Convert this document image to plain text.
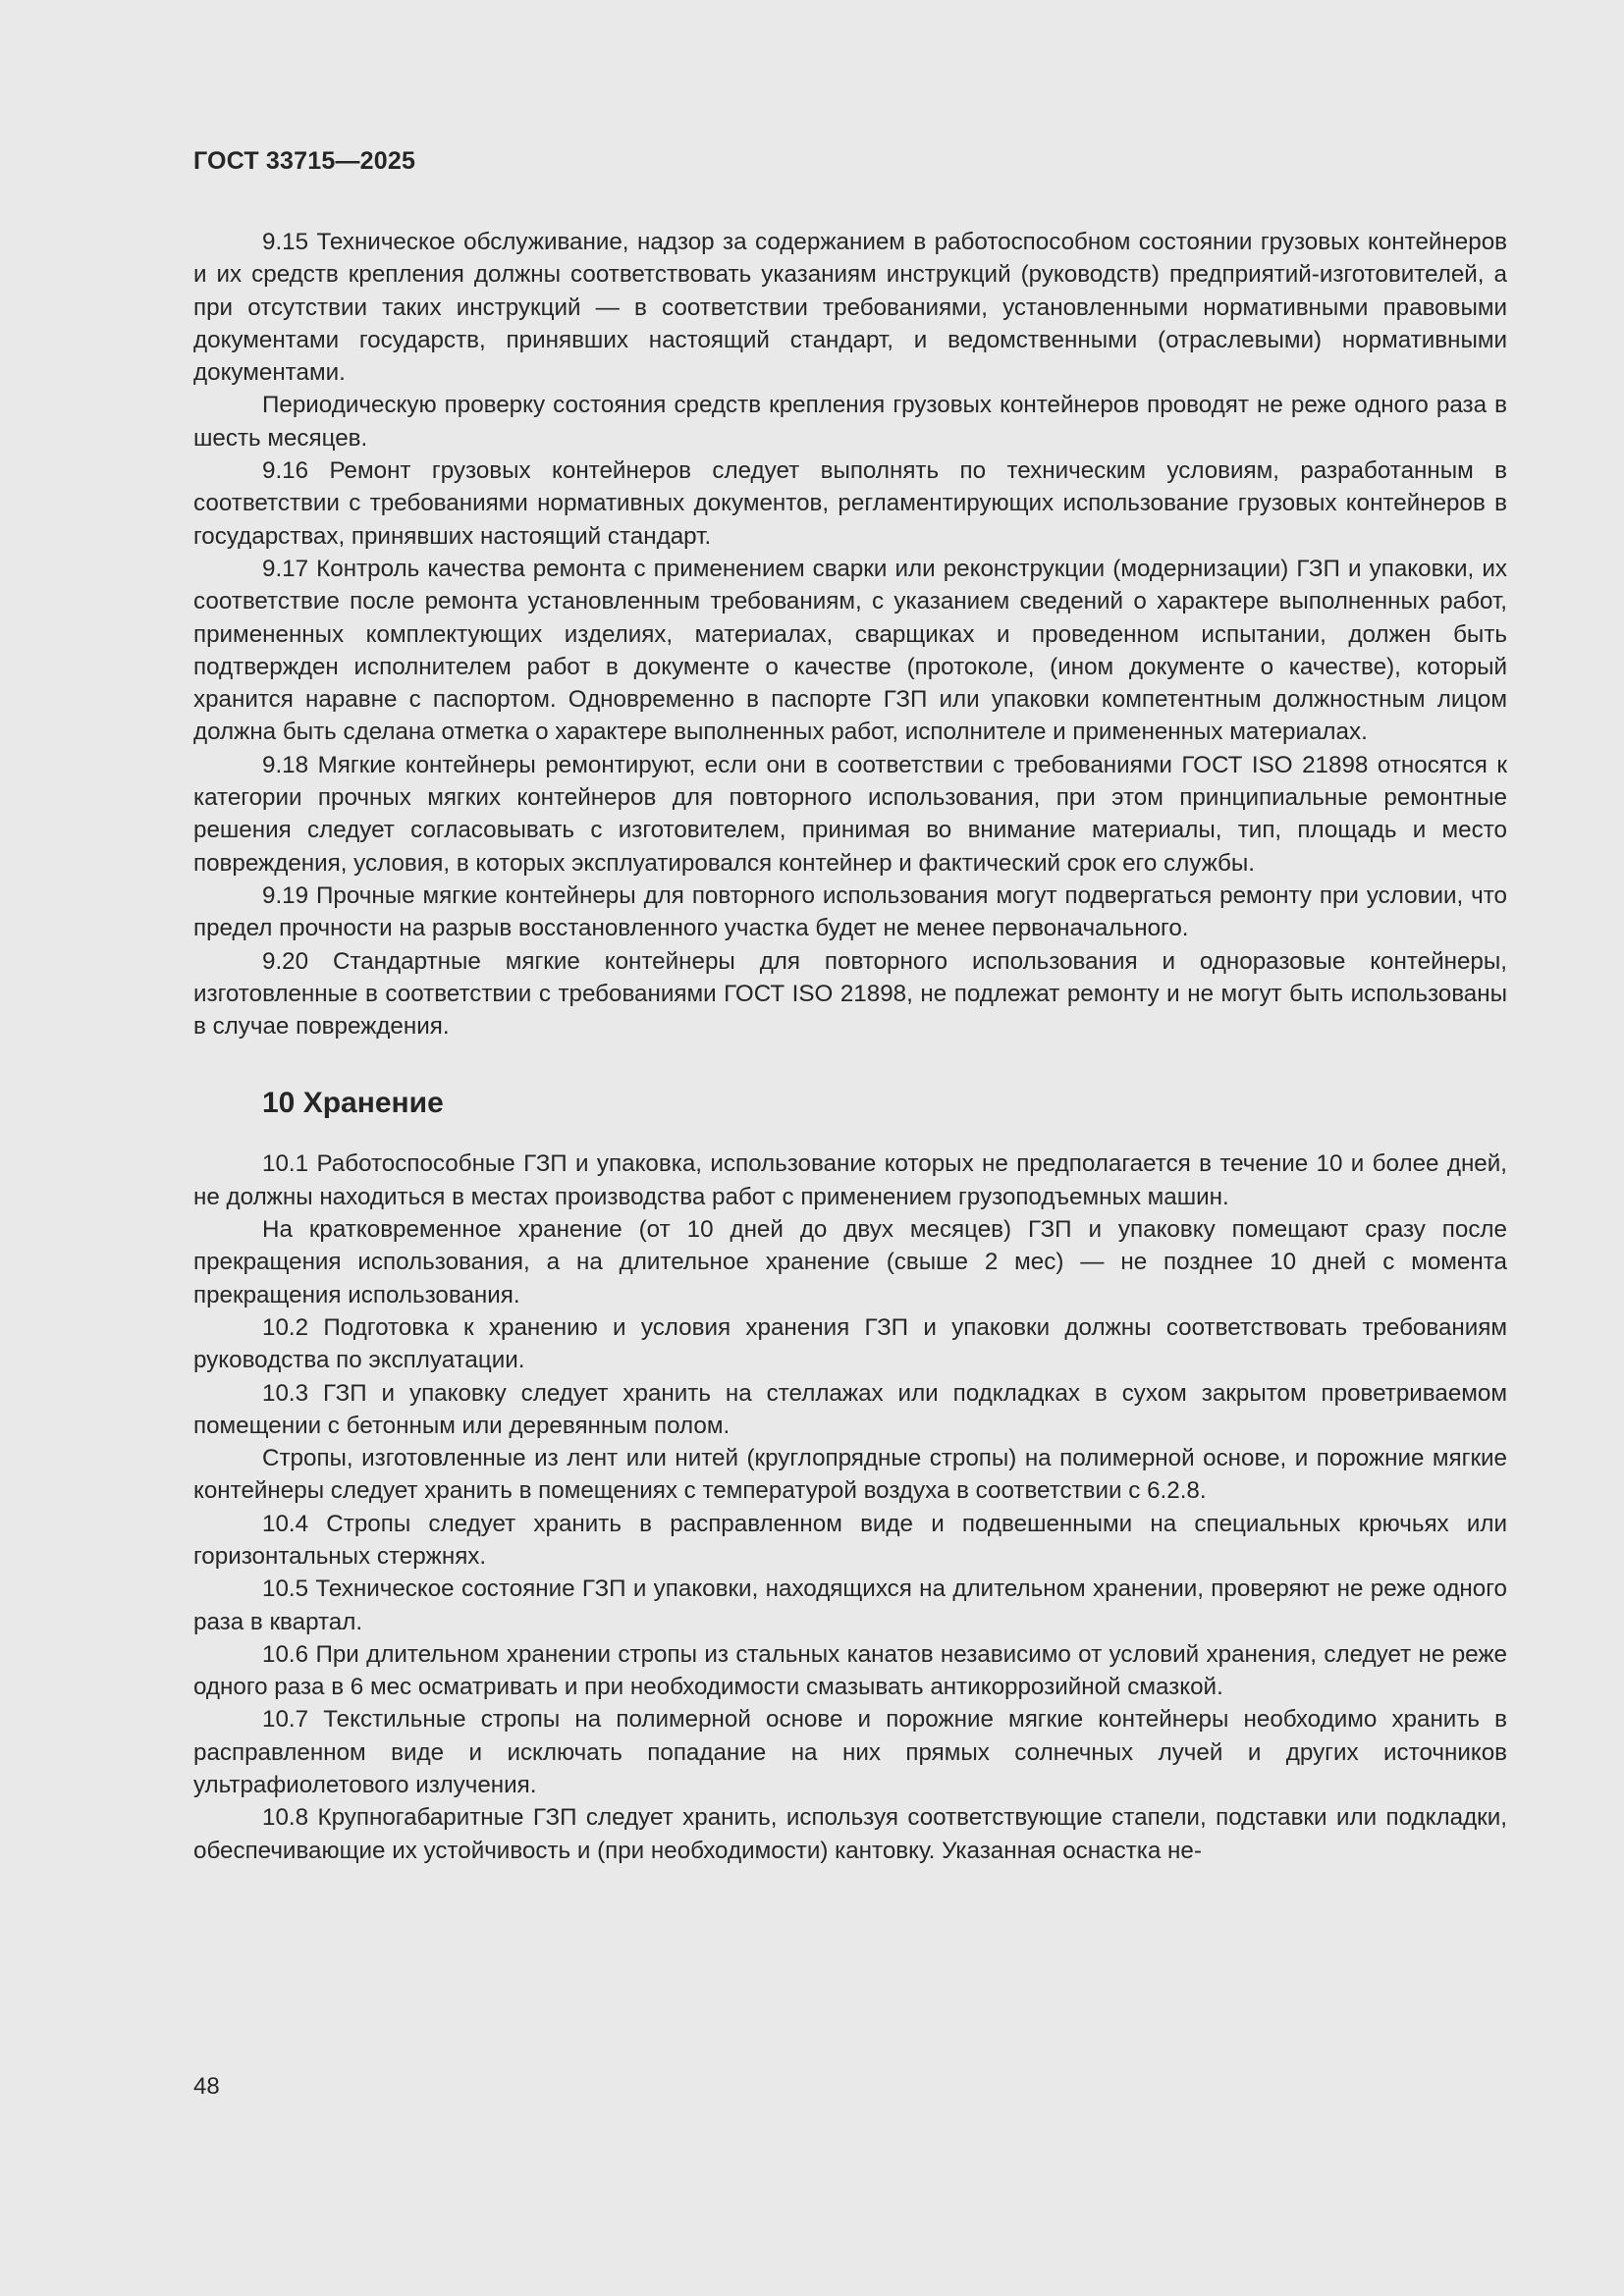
ГОСТ 33715—2025

9.15 Техническое обслуживание, надзор за содержанием в работоспособном состоянии грузовых контейнеров и их средств крепления должны соответствовать указаниям инструкций (руководств) предприятий-изготовителей, а при отсутствии таких инструкций — в соответствии требованиями, установленными нормативными правовыми документами государств, принявших настоящий стандарт, и ведомственными (отраслевыми) нормативными документами.

Периодическую проверку состояния средств крепления грузовых контейнеров проводят не реже одного раза в шесть месяцев.

9.16 Ремонт грузовых контейнеров следует выполнять по техническим условиям, разработанным в соответствии с требованиями нормативных документов, регламентирующих использование грузовых контейнеров в государствах, принявших настоящий стандарт.

9.17 Контроль качества ремонта с применением сварки или реконструкции (модернизации) ГЗП и упаковки, их соответствие после ремонта установленным требованиям, с указанием сведений о характере выполненных работ, примененных комплектующих изделиях, материалах, сварщиках и проведенном испытании, должен быть подтвержден исполнителем работ в документе о качестве (протоколе, (ином документе о качестве), который хранится наравне с паспортом. Одновременно в паспорте ГЗП или упаковки компетентным должностным лицом должна быть сделана отметка о характере выполненных работ, исполнителе и примененных материалах.

9.18 Мягкие контейнеры ремонтируют, если они в соответствии с требованиями ГОСТ ISO 21898 относятся к категории прочных мягких контейнеров для повторного использования, при этом принципиальные ремонтные решения следует согласовывать с изготовителем, принимая во внимание материалы, тип, площадь и место повреждения, условия, в которых эксплуатировался контейнер и фактический срок его службы.

9.19 Прочные мягкие контейнеры для повторного использования могут подвергаться ремонту при условии, что предел прочности на разрыв восстановленного участка будет не менее первоначального.

9.20 Стандартные мягкие контейнеры для повторного использования и одноразовые контейнеры, изготовленные в соответствии с требованиями ГОСТ ISO 21898, не подлежат ремонту и не могут быть использованы в случае повреждения.

10 Хранение

10.1 Работоспособные ГЗП и упаковка, использование которых не предполагается в течение 10 и более дней, не должны находиться в местах производства работ с применением грузоподъемных машин.

На кратковременное хранение (от 10 дней до двух месяцев) ГЗП и упаковку помещают сразу после прекращения использования, а на длительное хранение (свыше 2 мес) — не позднее 10 дней с момента прекращения использования.

10.2 Подготовка к хранению и условия хранения ГЗП и упаковки должны соответствовать требованиям руководства по эксплуатации.

10.3 ГЗП и упаковку следует хранить на стеллажах или подкладках в сухом закрытом проветриваемом помещении с бетонным или деревянным полом.

Стропы, изготовленные из лент или нитей (круглопрядные стропы) на полимерной основе, и порожние мягкие контейнеры следует хранить в помещениях с температурой воздуха в соответствии с 6.2.8.

10.4 Стропы следует хранить в расправленном виде и подвешенными на специальных крючьях или горизонтальных стержнях.

10.5 Техническое состояние ГЗП и упаковки, находящихся на длительном хранении, проверяют не реже одного раза в квартал.

10.6 При длительном хранении стропы из стальных канатов независимо от условий хранения, следует не реже одного раза в 6 мес осматривать и при необходимости смазывать антикоррозийной смазкой.

10.7 Текстильные стропы на полимерной основе и порожние мягкие контейнеры необходимо хранить в расправленном виде и исключать попадание на них прямых солнечных лучей и других источников ультрафиолетового излучения.

10.8 Крупногабаритные ГЗП следует хранить, используя соответствующие стапели, подставки или подкладки, обеспечивающие их устойчивость и (при необходимости) кантовку. Указанная оснастка не-

48
